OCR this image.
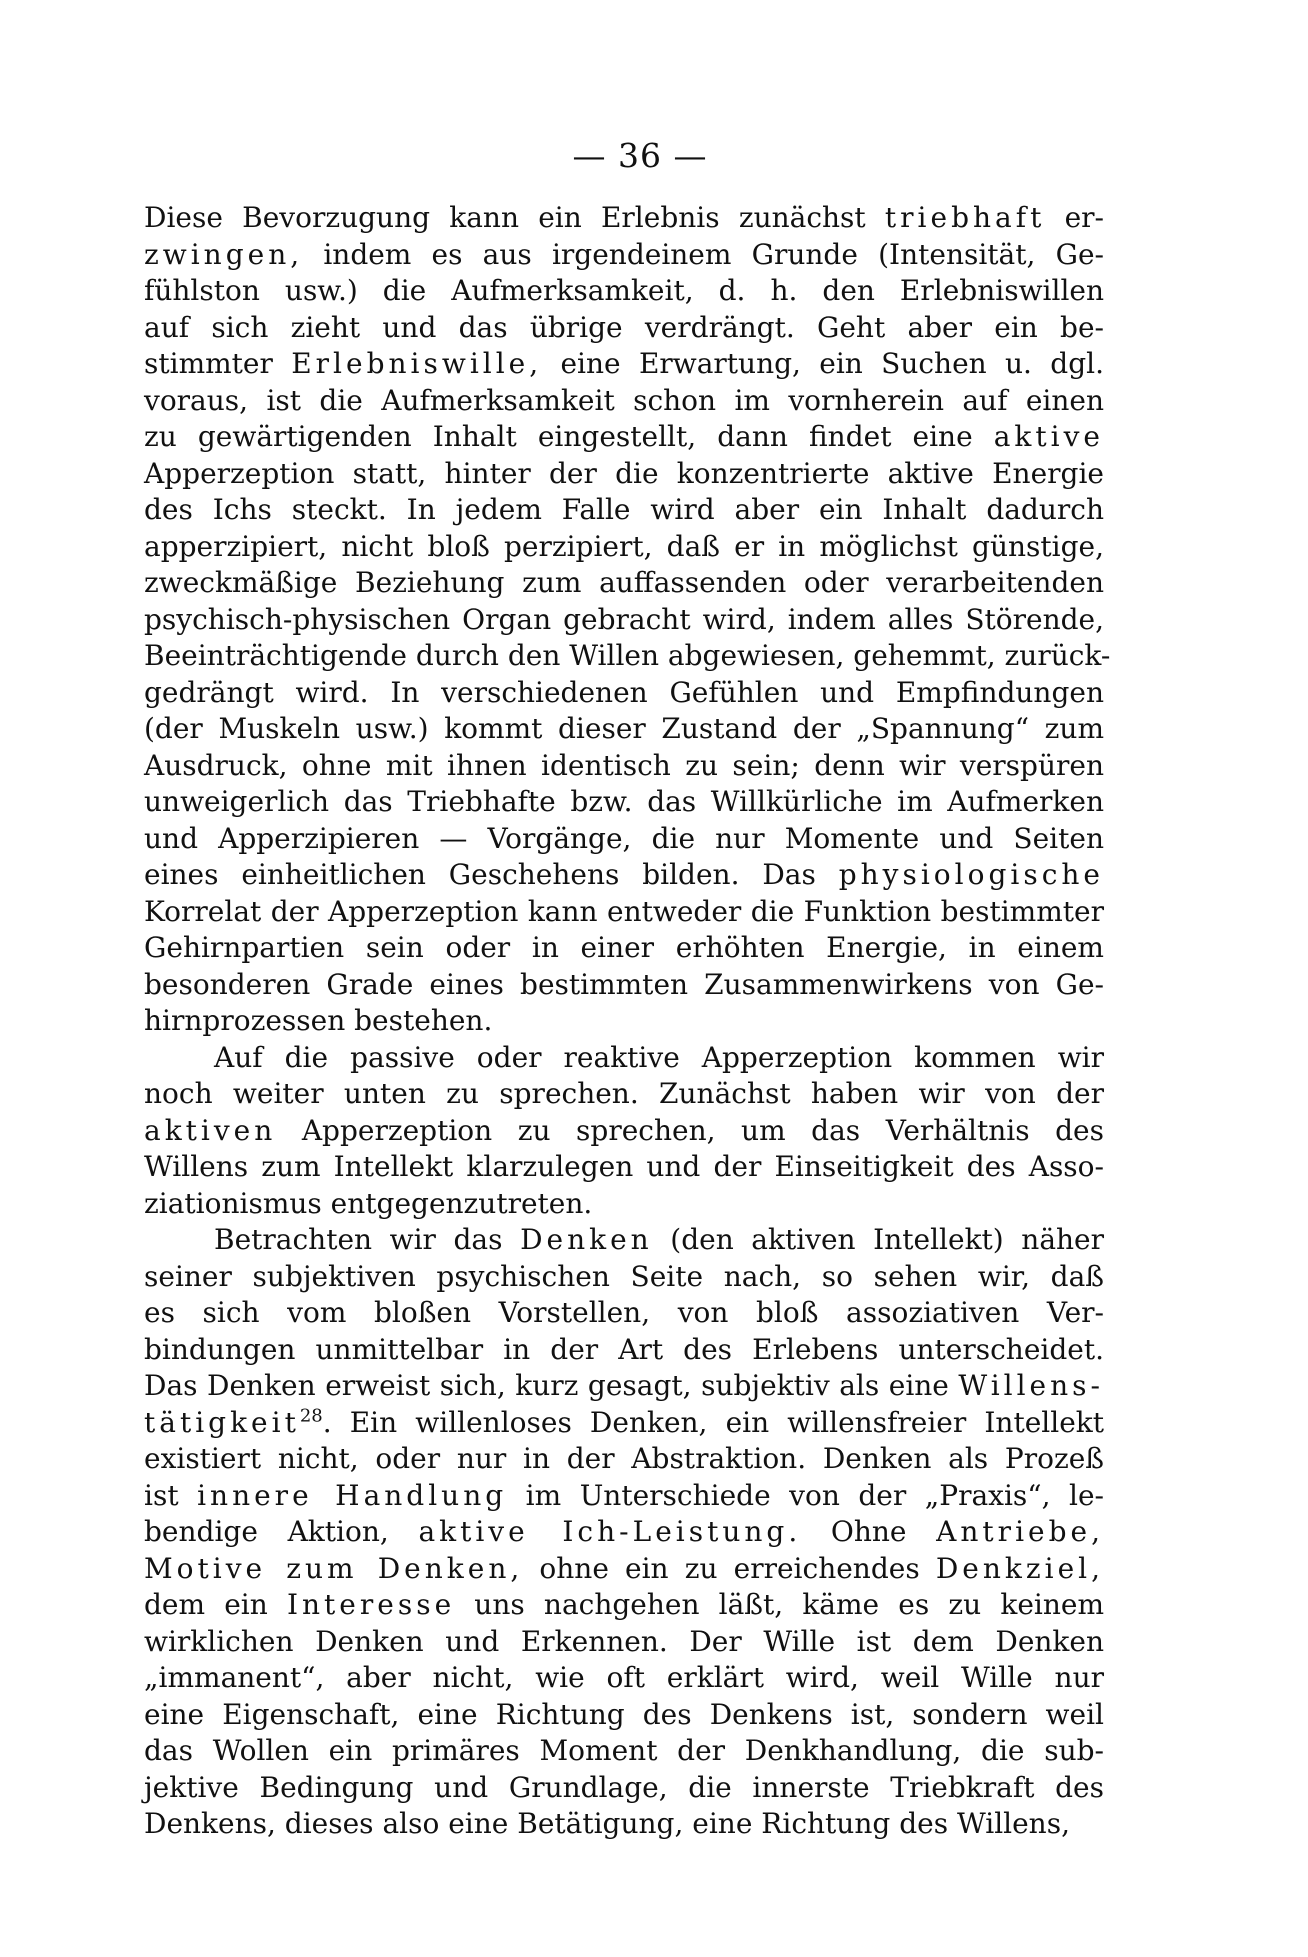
— 36 —
Diese Bevorzugung kann ein Erlebnis zunächst triebhaft er-
zwingen, indem es aus irgendeinem Grunde (Intensität, Ge-
fühlston usw.) die Aufmerksamkeit, d. h. den Erlebniswillen
auf sich zieht und das übrige verdrängt. Geht aber ein be-
stimmter Erlebniswille, eine Erwartung, ein Suchen u. dgl.
voraus, ist die Aufmerksamkeit schon im vornherein auf einen
zu gewärtigenden Inhalt eingestellt, dann findet eine aktive
Apperzeption statt, hinter der die konzentrierte aktive Energie
des Ichs steckt. In jedem Falle wird aber ein Inhalt dadurch
apperzipiert, nicht bloß perzipiert, daß er in möglichst günstige,
zweckmäßige Beziehung zum auffassenden oder verarbeitenden
psychisch-physischen Organ gebracht wird, indem alles Störende,
Beeinträchtigende durch den Willen abgewiesen, gehemmt, zurück-
gedrängt wird. In verschiedenen Gefühlen und Empfindungen
(der Muskeln usw.) kommt dieser Zustand der „Spannung“ zum
Ausdruck, ohne mit ihnen identisch zu sein; denn wir verspüren
unweigerlich das Triebhafte bzw. das Willkürliche im Aufmerken
und Apperzipieren — Vorgänge, die nur Momente und Seiten
eines einheitlichen Geschehens bilden. Das physiologische
Korrelat der Apperzeption kann entweder die Funktion bestimmter
Gehirnpartien sein oder in einer erhöhten Energie, in einem
besonderen Grade eines bestimmten Zusammenwirkens von Ge-
hirnprozessen bestehen.
Auf die passive oder reaktive Apperzeption kommen wir
noch weiter unten zu sprechen. Zunächst haben wir von der
aktiven Apperzeption zu sprechen, um das Verhältnis des
Willens zum Intellekt klarzulegen und der Einseitigkeit des Asso-
ziationismus entgegenzutreten.
Betrachten wir das Denken (den aktiven Intellekt) näher
seiner subjektiven psychischen Seite nach, so sehen wir, daß
es sich vom bloßen Vorstellen, von bloß assoziativen Ver-
bindungen unmittelbar in der Art des Erlebens unterscheidet.
Das Denken erweist sich, kurz gesagt, subjektiv als eine Willens-
tätigkeit$^{28}$. Ein willenloses Denken, ein willensfreier Intellekt
existiert nicht, oder nur in der Abstraktion. Denken als Prozeß
ist innere Handlung im Unterschiede von der „Praxis“, le-
bendige Aktion, aktive Ich-Leistung. Ohne Antriebe,
Motive zum Denken, ohne ein zu erreichendes Denkziel,
dem ein Interesse uns nachgehen läßt, käme es zu keinem
wirklichen Denken und Erkennen. Der Wille ist dem Denken
„immanent“, aber nicht, wie oft erklärt wird, weil Wille nur
eine Eigenschaft, eine Richtung des Denkens ist, sondern weil
das Wollen ein primäres Moment der Denkhandlung, die sub-
jektive Bedingung und Grundlage, die innerste Triebkraft des
Denkens, dieses also eine Betätigung, eine Richtung des Willens,
